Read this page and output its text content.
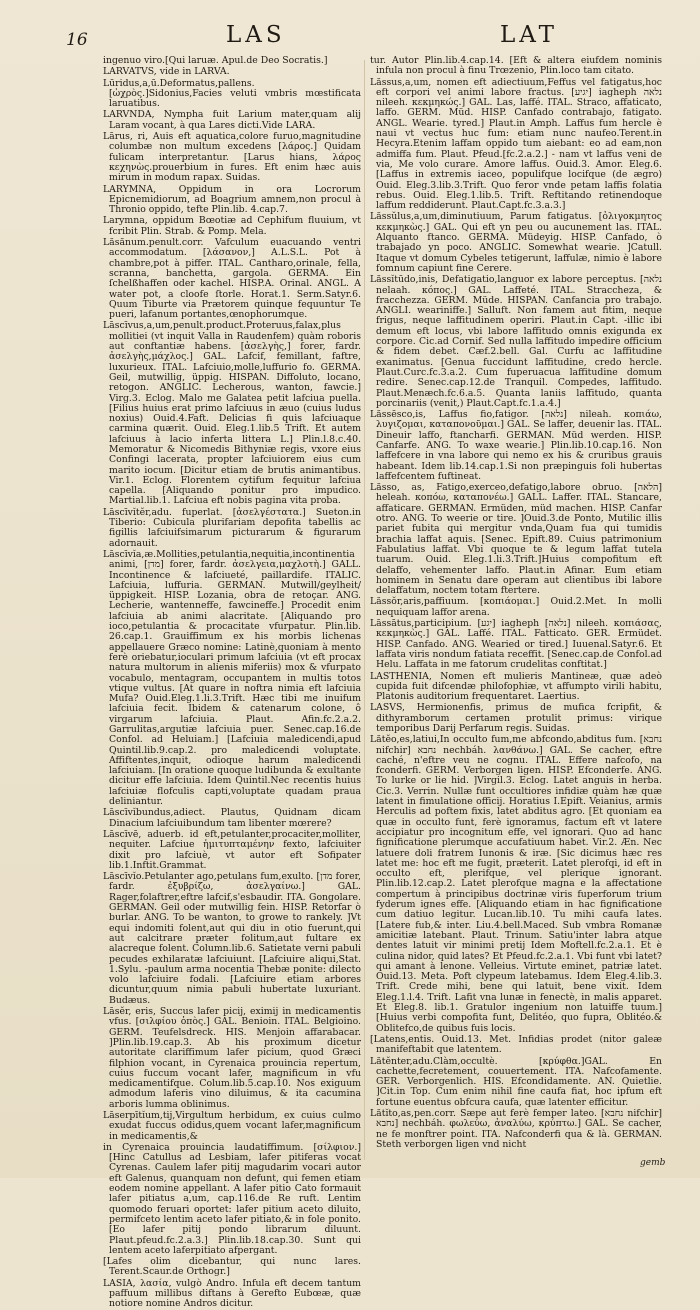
16	LAS	LAT

ingenuo viro.[Qui laruæ. Apul.de Deo Socratis.]

LARVATVS, vide in LARVA.

Lūridus,a,ū.Deformatus,pallens.[ὠχρὸς.]Sidonius,Facies veluti vmbris mœstificata laruatibus.

LARVNDA, Nympha fuit Larium mater,quam alij Laram vocant, à qua Lares dicti.Vide LARA.

Lārus, ri, Auis eft aquatica,colore furuo,magnitudine columbæ non multum excedens [λάρος.] Quidam fulicam interpretantur. [Larus hians, λάρος κεχηνὼς.prouerbium in fures. Eft enim hæc auis mirum in modum rapax. Suidas.

LARYMNA, Oppidum in ora Locrorum Epicnemidiorum, ad Boagrium amnem,non procul à Thronio oppido, tefte Plin.lib. 4.cap.7.

Larymna, oppidum Bœotiæ ad Cephifum fluuium, vt fcribit Plin. Strab. & Pomp. Mela.

Lăsănum.penult.corr. Vafculum euacuando ventri accommodatum. [λάσανον,] A.L.S.L. Pot à chambre,pot à piffer. ITAL. Cantharo,orinale, fella, scranna, banchetta, gargola. GERMA. Ein ſchelßhaffen oder kachel. HISP.A. Orinal. ANGL. A water pot, a cloofe ſtorle. Horat.1. Serm.Satyr.6. Quum Tiburte via Prætorem quinque fequuntur Te pueri, lafanum portantes,œnophorumque.

Lāscīvus,a,um,penult.product.Proteruus,falax,plus mollitiei (vt inquit Valla in Raudenfem) quàm roboris aut conftantiæ habens. [ἀσελγὴς,] forer, fardr. ἀσελγὴς,μάχλος.] GAL. Lafcif, femillant, faftre, luxurieux. ITAL. Lafciuio,molle,luffurio fo. GERMA. Geil, mutwillig, üppig. HISPAN. Diffoluto, locano, retogon. ANGLIC. Lecherous, wanton, fawcie.] Virg.3. Eclog. Malo me Galatea petit lafciua puella. [Filius huius erat primo lafciuus in æuo (cuius ludus noxius) Ouid.4.Faft. Delicias fi quis lafciuaque carmina quærit. Ouid. Eleg.1.lib.5 Trift. Et autem lafciuus à lacio inferta littera L.] Plin.l.8.c.40. Memoratur & Nicomedis Bithyniæ regis, vxore eius Confingi lacerata, propter lafciuiorem eius cum marito iocum. [Dicitur etiam de brutis animantibus. Vir.1. Eclog. Florentem cytifum fequitur lafciua capella. [Aliquando ponitur pro impudico. Martial.lib.1. Lafciua eft nobis pagina vita proba.

Lāscīvĭtĕr,adu. fuperlat. [ἀσελγέστατα.] Sueton.in Tiberio: Cubicula plurifariam depofita tabellis ac figillis lafciuifsimarum picturarum & figurarum adornauit.

Lāscīvĭa,æ.Mollities,petulantia,nequitia,incontinentia animi, [מדן] forer, fardr. ἀσελγεια,μαχλοτὴ.] GALL. Incontinence & lafciueté, paillardife. ITALIC. Lafciuia, luffuria. GERMAN. Mutwill/geylheit/üppigkeit. HISP. Lozania, obra de retoçar. ANG. Lecherie, wantenneffe, fawcineffe.] Procedit enim lafciuia ab animi alacritate. [Aliquando pro ioco,petulantia & procacitate vfurpatur. Plin.lib. 26.cap.1. Grauiffimum ex his morbis lichenas appellauere Græco nomine: Latinè,quoniam à mento ferè oriebatur,ioculari primum lafciuia (vt eft procax natura multorum in alienis miferiis) mox & vfurpato vocabulo, mentagram, occupantem in multis totos vtique vultus. [At quare in noftra nimia eft lafciuia Mufa? Ouid.Eleg.1.li.3.Trift. Hæc tibi me inuifum lafciuia fecit. Ibidem & catenarum colone, ô virgarum lafciuia. Plaut. Afin.fc.2.a.2. Garrulitas,argutiæ lafciuia puer. Senec.cap.16.de Confol. ad Heluiam.] [Lafciuia maledicendi,apud Quintil.lib.9.cap.2. pro maledicendi voluptate. Affiftentes,inquit, odioque harum maledicendi lafciuiam. [In oratione quoque ludibunda & exultante dicitur effe lafciuia. Idem Quintil.Nec recentis huius lafciuiæ flofculis capti,voluptate quadam praua deliniantur.

Lāscīvĭbundus,adiect. Plautus, Quidnam dicam Dinacium lafciuibundum tam libenter mœrere?

Lāscīvē, aduerb. id eft,petulanter,procaciter,molliter, nequiter. Lafciue ἡμιτυπταμένην fexto, lafciuiter dixit pro lafciuè, vt autor eft Sofipater lib.1.Inftit.Grammat.

Lāscīvĭo.Petulanter ago,petulans fum,exulto. [מדן forer, fardr. ἐξυβρίζω, ἀσελγαίνω.] GAL. Rager,folaftrer,eftre lafcif,s'esbaudir. ITA. Gongolare. GERMAN. Geil oder mutwillig fein. HISP. Retorfar ò burlar. ANG. To be wanton, to growe to rankely. ]Vt equi indomiti folent,aut qui diu in otio fuerunt,qui aut calcitrare præter folitum,aut fultare ex alacreque folent. Column.lib.6. Satietate verni pabuli pecudes exhilaratæ lafciuiunt. [Lafciuire aliqui,Stat. 1.Sylu. -paulum arma nocentia Thebæ ponite: dilecto volo lafciuire fodali. [Lafciuire etiam arbores dicuntur,quum nimia pabuli hubertate luxuriant. Budæus.

Lāsĕr, eris, Succus lafer picij, eximij in medicamentis vfus. [σιλφίου ὀπὸς.] GAL. Benioin. ITAL. Belgioino. GERM. Teufelsdreck. HIS. Menjoin affarabacar. ]Plin.lib.19.cap.3. Ab his proximum dicetur autoritate clariffimum lafer picium, quod Græci filphion vocant, in Cyrenaica prouincia repertum, cuius fuccum vocant lafer, magnificum in vfu medicamentifque. Colum.lib.5.cap.10. Nos exiguum admodum laferis vino diluimus, & ita cacumina arboris lumma oblinimus.

Lāserpītĭum,tij,Virgultum herbidum, ex cuius culmo exudat fuccus odidus,quem vocant lafer,magnificum in medicamentis,&

in Cyrenaica prouincia laudatiffimum. [σίλφιον.] [Hinc Catullus ad Lesbiam, lafer pitiferas vocat Cyrenas. Caulem lafer pitij magudarim vocari autor eft Galenus, quanquam non defunt, qui femen etiam eodem nomine appellant. A lafer pitio Cato formauit lafer pitiatus a,um, cap.116.de Re ruft. Lentim quomodo feruari oportet: lafer pitium aceto diluito, permifceto lentim aceto lafer pitiato,& in fole ponito. [Eo lafer pitij pondo librarum diluunt. Plaut.pfeud.fc.2.a.3.] Plin.lib.18.cap.30. Sunt qui lentem aceto laferpitiato afpergant.

[Lafes olim dicebantur, qui nunc lares. Terent.Scaur.de Orthogr.]

LASIA, λασία, vulgò Andro. Infula eft decem tantum paffuum millibus diftans à Gerefto Eubœæ, quæ notiore nomine Andros dicitur.

tur. Autor Plin.lib.4.cap.14. [Eft & altera eiufdem nominis infula non procul à finu Trœzenio, Plin.loco tam citato.

Lăssus,a,um, nomen eft adiectiuum,Feffus vel fatigatus,hoc eft corpori vel animi labore fractus. [יגיע] iagheph נלאה nileeh. κεκμηκώς.] GAL. Las, laffé. ITAL. Straco, affaticato, laffo. GERM. Müd. HISP. Canfado contrabajo, fatigato. ANGL. Wearie. tyred.] Plaut.in Amph. Laffus fum hercle è naui vt vectus huc fum: etiam nunc naufeo.Terent.in Hecyra.Etenim laffam oppido tum aiebant: eo ad eam,non admiffa fum. Plaut. Pfeud.[fc.2.a.2.] - nam vt laffus veni de via, Me volo curare. Amore laffus. Ouid.3. Amor. Eleg.6. [Laffus in extremis iaceo, populifque locifque (de ægro) Ouid. Eleg.3.lib.3.Trift. Quo feror vnde petam laffis folatia rebus. Ouid. Eleg.1.lib.5. Trift. Reftitando retinendoque laffum reddiderunt. Plaut.Capt.fc.3.a.3.]

Lăssŭlus,a,um,diminutiuum, Parum fatigatus. [ὀλιγοκμητος κεκμηκὼς.] GAL. Qui eft yn peu ou aucunement las. ITAL. Alquanto ftanco. GERMA. Müdeyig. HISP. Canfado, ò trabajado yn poco. ANGLIC. Somewhat wearie. ]Catull. Itaque vt domum Cybeles tetigerunt, laffulæ, nimio è labore fomnum capiunt fine Cerere.

Lăssĭtūdo,inis, Defatigatio,languor ex labore perceptus. [נלאה nelaah. κόπος.] GAL. Laffeté. ITAL. Straccheza, & fracchezza. GERM. Müde. HISPAN. Canfancia pro trabajo. ANGLI. weariniffe.] Salluft. Non famem aut fitim, neque frigus, neque laffitudinem operiri. Plaut.in Capt. -illic ibi demum eft locus, vbi labore laffitudo omnis exigunda ex corpore. Cic.ad Cornif. Sed nulla laffitudo impedire officium & fidem debet. Cæf.2.bell. Gal. Curfu ac laffitudine exanimatus. [Genua fuccidunt laffitudine, credo hercle. Plaut.Curc.fc.3.a.2. Cum fuperuacua laffitudine domum redire. Senec.cap.12.de Tranquil. Compedes, laffitudo. Plaut.Menæch.fc.6.a.5. Quanta laniis laffitudo, quanta porcinariis (venit,) Plaut.Capt.fc.1.a.4.]

Lăssēsco,is, Laffus fio,fatigor. [נלאה] nileah. κοπιάω, λυγιζομαι, καταπονοῦμαι.] GAL. Se laffer, deuenir las. ITAL. Dineuir laffo, ftancharfi. GERMAN. Müd werden. HISP. Canfarfe. ANG. To waxe wearie.] Plin.lib.10.cap.16. Non laffefcere in vna labore qui nemo ex his & cruribus grauis habeant. Idem lib.14.cap.1.Si non præpinguis foli hubertas laffefcentem fuftineat.

Lăsso, as, Fatigo,exerceo,defatigo,labore obruo. [הלאה] heleah. κοπόω, καταπονέω.] GALL. Laffer. ITAL. Stancare, affaticare. GERMAN. Ermüden, müd machen. HISP. Canfar otro. ANG. To weerie or tire. ]Ouid.3.de Ponto, Mutilic illis pariet fubita qui mergitur vnda,Quam fua qui tumidis brachia laffat aquis. [Senec. Epift.89. Cuius patrimonium Fabulatius laffat. Vbi quoque te & legum laffat tutela tuarum. Ouid. Eleg.1.li.3.Trift.]Huius compofitum eft delaffo, vehementer laffo. Plaut.in Afinar. Eum etiam hominem in Senatu dare operam aut clientibus ibi labore delaffatum, noctem totam ftertere.

Lăssŏr,aris,paffiuum. [κοπιάομαι.] Ouid.2.Met. In molli nequiquam laffor arena.

Lāssātus,participium. [יגע] iagheph [נלאה] nileeh. κοπιάσας, κεκμηκὼς.] GAL. Laffé. ITAL. Fatticato. GER. Ermüdet. HISP. Canfado. ANG. Wearied or tired.] Iuuenal.Satyr.6. Et laffata viris nondum fatiata receffit. [Senec.cap.de Confol.ad Helu. Laffata in me fatorum crudelitas conftitat.]

LASTHENIA, Nomen eft mulieris Mantineæ, quæ adeò cupida fuit difcendæ philofophiæ, vt affumpto virili habitu, Platonis auditorium frequentaret. Laertius.

LASVS, Hermionenfis, primus de mufica fcripfit, & dithyramborum certamen protulit primus: virique temporibus Darij Perfarum regis. Suidas.

Lătĕo,es,latiui,In occulto fum,me abfcondo,abditus fum. [נחבא nifchir] נחבא nechbáh. λανθάνω.] GAL. Se cacher, eftre caché, n'eftre veu ne cognu. ITAL. Effere nafcofo, na fconderfi. GERM. Verborgen ligen. HISP. Efconderfe. ANG. To lurke or lie hid. ]Virgil.3. Eclog. Latet anguis in herba. Cic.3. Verrin. Nullæ funt occultiores infidiæ quàm hæ quæ latent in fimulatione officij. Horatius I.Epift. Veianius, armis Herculis ad poftem fixis, latet abditus agro. [Et quoniam ea quæ in occulto funt, ferè ignoramus, factum eft vt latere accipiatur pro incognitum effe, vel ignorari. Quo ad hanc fignificatione plerumque accufatiuum habet. Vir.2. Æn. Nec latuere doli fratrem Iunonis & iræ. [Sic dicimus hæc res latet me: hoc eft me fugit, præterit. Latet plerofqi, id eft in occulto eft, plerifque, vel plerique ignorant. Plin.lib.12.cap.2. Latet plerofque magna e la affectatione compertum à principibus doctrinæ viris fuperforum trium fyderum ignes effe. [Aliquando etiam in hac fignificatione cum datiuo legitur. Lucan.lib.10. Tu mihi caufa lates. [Latere fub,& inter. Liu.4.bell.Maced. Sub vmbra Romanæ amicitiæ latebant. Plaut. Trinum. Satiu'inter labra atque dentes latuit vir minimi pretij Idem Moftell.fc.2.a.1. Et è culina nidor, quid lates? Et Pfeud.fc.2.a.1. Vbi funt vbi latet? qui amant à lenone. Velleius. Virtute eminet, patriæ latet. Ouid.13. Meta. Poft clypeum latebamus. Idem Eleg.4.lib.3. Trift. Crede mihi, bene qui latuit, bene vixit. Idem Eleg.1.l.4. Trift. Lafit vna lunæ in fenectè, in malis apparet. Et Eleg.8. lib.1. Gratulor ingenium non latuiffe tuum.] [Huius verbi compofita funt, Delitéo, quo fupra, Oblitéo.& Oblitefco,de quibus fuis locis.

[Latens,entis. Ouid.13. Met. Infidias prodet (nitor galeæ manifeftabit que latentem.

Lătĕnter,adu.Clàm,occultè. [κρύφθα.]GAL. En cachette,fecretement, couuertement. ITA. Nafcofamente. GER. Verborgenlich. HIS. Efcondidamente. AN. Quietlie. ]Cit.in Top. Cum enim nihil fine caufa fiat, hoc ipfum eft fortune euentus obfcura caufa, quæ latenter efficitur.

Lătĭto,as,pen.corr. Sæpe aut ferè femper lateo. [נחבא nifchir] נחבא] nechbáh. φωλεύω, ἀναλύω, κρύπτω.] GAL. Se cacher, ne fe monftrer point. ITA. Nafconderfi qua & là. GERMAN. Steth verborgen ligen vnd nicht

gemb
